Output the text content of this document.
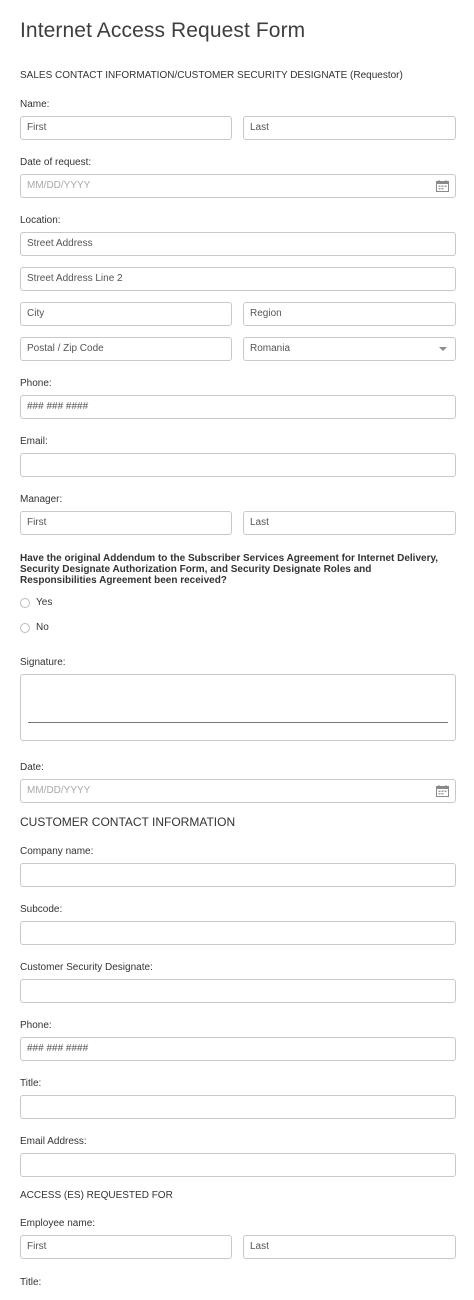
Internet Access Request Form
SALES CONTACT INFORMATION/CUSTOMER SECURITY DESIGNATE (Requestor)
Name:
First	Last
Date of request:
MM/DD/YYYY
Location:
Street Address
Street Address Line 2
City	Region
Postal / Zip Code	Romania
Phone:
### ### ####
Email:
Manager:
First	Last
Have the original Addendum to the Subscriber Services Agreement for Internet Delivery, Security Designate Authorization Form, and Security Designate Roles and Responsibilities Agreement been received?
Yes
No
Signature:
Date:
MM/DD/YYYY
CUSTOMER CONTACT INFORMATION
Company name:
Subcode:
Customer Security Designate:
Phone:
### ### ####
Title:
Email Address:
ACCESS (ES) REQUESTED FOR
Employee name:
First	Last
Title:
